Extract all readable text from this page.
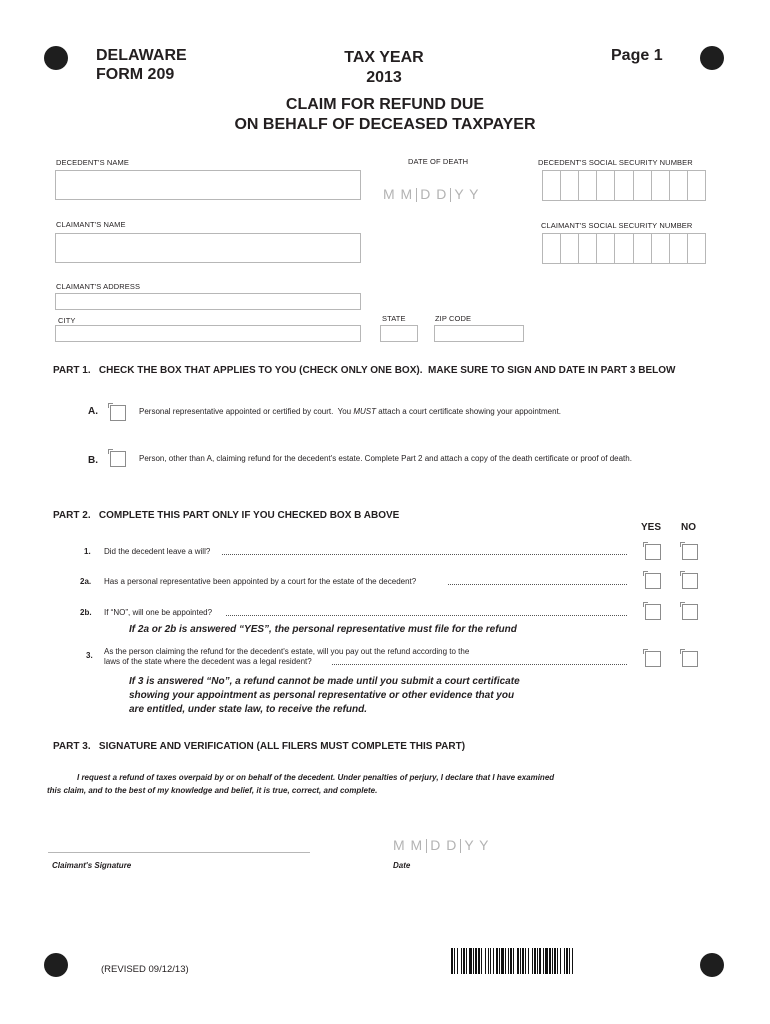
DELAWARE
FORM 209
TAX YEAR
2013
Page 1
CLAIM FOR REFUND DUE
ON BEHALF OF DECEASED TAXPAYER
DECEDENT'S NAME	DATE OF DEATH
M M D D Y Y
DECEDENT'S SOCIAL SECURITY NUMBER
CLAIMANT'S NAME	CLAIMANT'S SOCIAL SECURITY NUMBER
CLAIMANT'S ADDRESS
CITY	STATE	ZIP CODE
PART 1.   CHECK THE BOX THAT APPLIES TO YOU (CHECK ONLY ONE BOX).  MAKE SURE TO SIGN AND DATE IN PART 3 BELOW
A.	Personal representative appointed or certified by court.  You MUST attach a court certificate showing your appointment.
B.	Person, other than A, claiming refund for the decedent's estate. Complete Part 2 and attach a copy of the death certificate or proof of death.
PART 2.   COMPLETE THIS PART ONLY IF YOU CHECKED BOX B ABOVE
YES NO
1. Did the decedent leave a will?
2a. Has a personal representative been appointed by a court for the estate of the decedent?
2b. If “NO”, will one be appointed?
If 2a or 2b is answered “YES”, the personal representative must file for the refund
3. As the person claiming the refund for the decedent's estate, will you pay out the refund according to the
laws of the state where the decedent was a legal resident?
If 3 is answered “No”, a refund cannot be made until you submit a court certificate
showing your appointment as personal representative or other evidence that you
are entitled, under state law, to receive the refund.
PART 3.   SIGNATURE AND VERIFICATION (ALL FILERS MUST COMPLETE THIS PART)
I request a refund of taxes overpaid by or on behalf of the decedent. Under penalties of perjury, I declare that I have examined
this claim, and to the best of my knowledge and belief, it is true, correct, and complete.
Claimant's Signature
M M D D Y Y
Date
(REVISED 09/12/13)
